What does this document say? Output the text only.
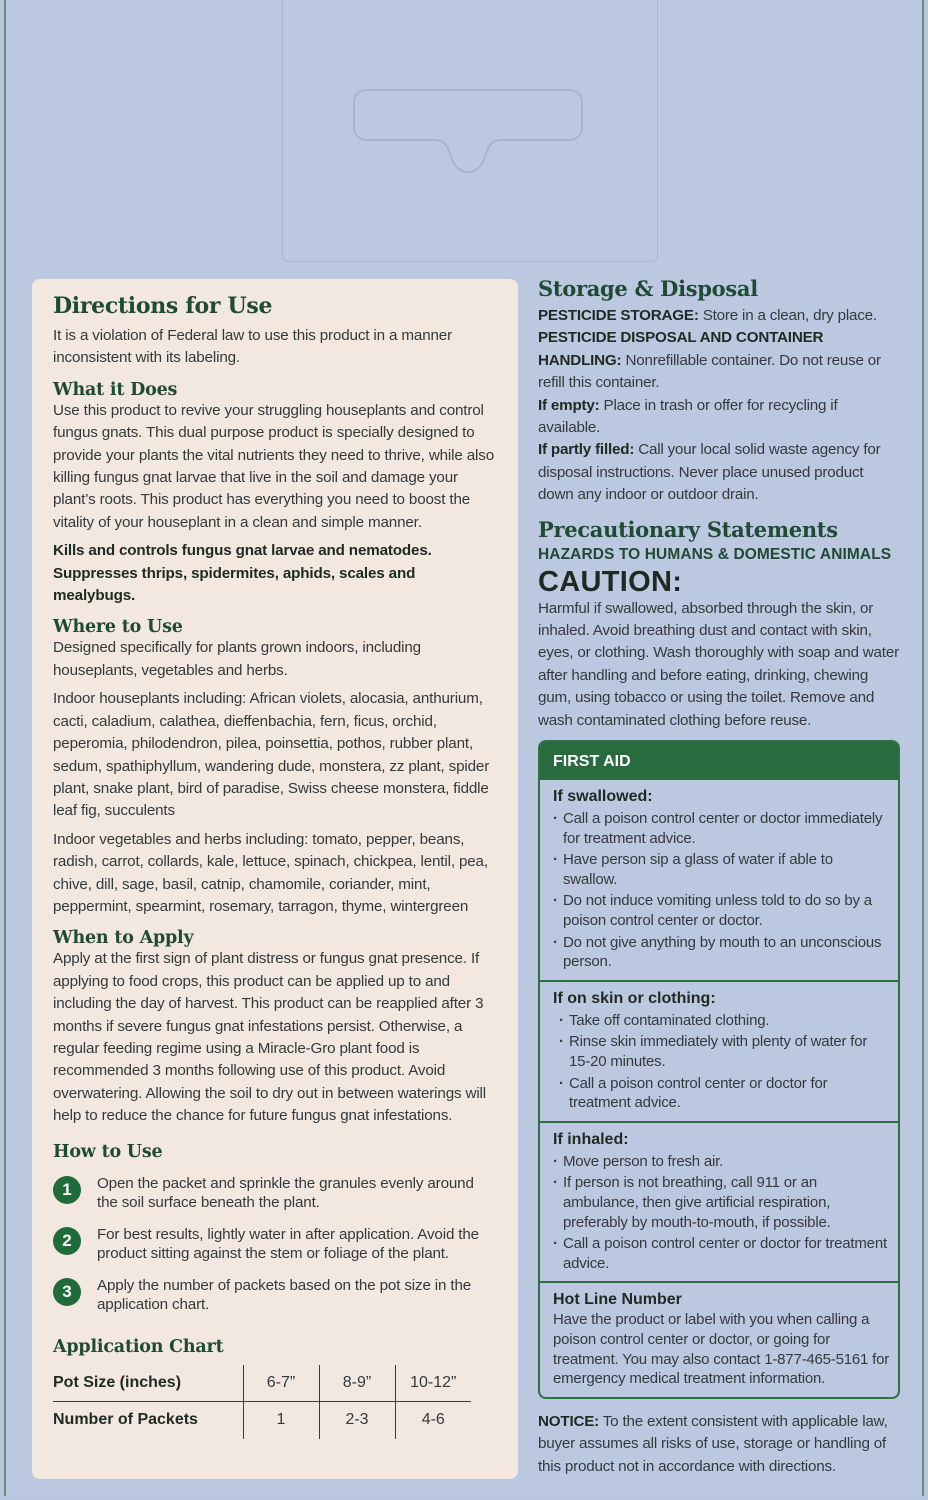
Directions for Use
It is a violation of Federal law to use this product in a manner inconsistent with its labeling.
What it Does
Use this product to revive your struggling houseplants and control fungus gnats. This dual purpose product is specially designed to provide your plants the vital nutrients they need to thrive, while also killing fungus gnat larvae that live in the soil and damage your plant’s roots. This product has everything you need to boost the vitality of your houseplant in a clean and simple manner.
Kills and controls fungus gnat larvae and nematodes.
Suppresses thrips, spidermites, aphids, scales and mealybugs.
Where to Use
Designed specifically for plants grown indoors, including houseplants, vegetables and herbs.
Indoor houseplants including: African violets, alocasia, anthurium, cacti, caladium, calathea, dieffenbachia, fern, ficus, orchid, peperomia, philodendron, pilea, poinsettia, pothos, rubber plant, sedum, spathiphyllum, wandering dude, monstera, zz plant, spider plant, snake plant, bird of paradise, Swiss cheese monstera, fiddle leaf fig, succulents
Indoor vegetables and herbs including: tomato, pepper, beans, radish, carrot, collards, kale, lettuce, spinach, chickpea, lentil, pea, chive, dill, sage, basil, catnip, chamomile, coriander, mint, peppermint, spearmint, rosemary, tarragon, thyme, wintergreen
When to Apply
Apply at the first sign of plant distress or fungus gnat presence. If applying to food crops, this product can be applied up to and including the day of harvest. This product can be reapplied after 3 months if severe fungus gnat infestations persist. Otherwise, a regular feeding regime using a Miracle-Gro plant food is recommended 3 months following use of this product. Avoid overwatering. Allowing the soil to dry out in between waterings will help to reduce the chance for future fungus gnat infestations.
How to Use
1	Open the packet and sprinkle the granules evenly around the soil surface beneath the plant.
2	For best results, lightly water in after application. Avoid the product sitting against the stem or foliage of the plant.
3	Apply the number of packets based on the pot size in the application chart.
Application Chart
Pot Size (inches)	6-7”	8-9”	10-12”
Number of Packets	1	2-3	4-6
Storage & Disposal
PESTICIDE STORAGE: Store in a clean, dry place.
PESTICIDE DISPOSAL AND CONTAINER HANDLING: Nonrefillable container. Do not reuse or refill this container.
If empty: Place in trash or offer for recycling if available.
If partly filled: Call your local solid waste agency for disposal instructions. Never place unused product down any indoor or outdoor drain.
Precautionary Statements
HAZARDS TO HUMANS & DOMESTIC ANIMALS
CAUTION:
Harmful if swallowed, absorbed through the skin, or inhaled. Avoid breathing dust and contact with skin, eyes, or clothing. Wash thoroughly with soap and water after handling and before eating, drinking, chewing gum, using tobacco or using the toilet. Remove and wash contaminated clothing before reuse.
FIRST AID
If swallowed:
· Call a poison control center or doctor immediately for treatment advice.
· Have person sip a glass of water if able to swallow.
· Do not induce vomiting unless told to do so by a poison control center or doctor.
· Do not give anything by mouth to an unconscious person.
If on skin or clothing:
· Take off contaminated clothing.
· Rinse skin immediately with plenty of water for 15-20 minutes.
· Call a poison control center or doctor for treatment advice.
If inhaled:
· Move person to fresh air.
· If person is not breathing, call 911 or an ambulance, then give artificial respiration, preferably by mouth-to-mouth, if possible.
· Call a poison control center or doctor for treatment advice.
Hot Line Number
Have the product or label with you when calling a poison control center or doctor, or going for treatment. You may also contact 1-877-465-5161 for emergency medical treatment information.
NOTICE: To the extent consistent with applicable law, buyer assumes all risks of use, storage or handling of this product not in accordance with directions.
